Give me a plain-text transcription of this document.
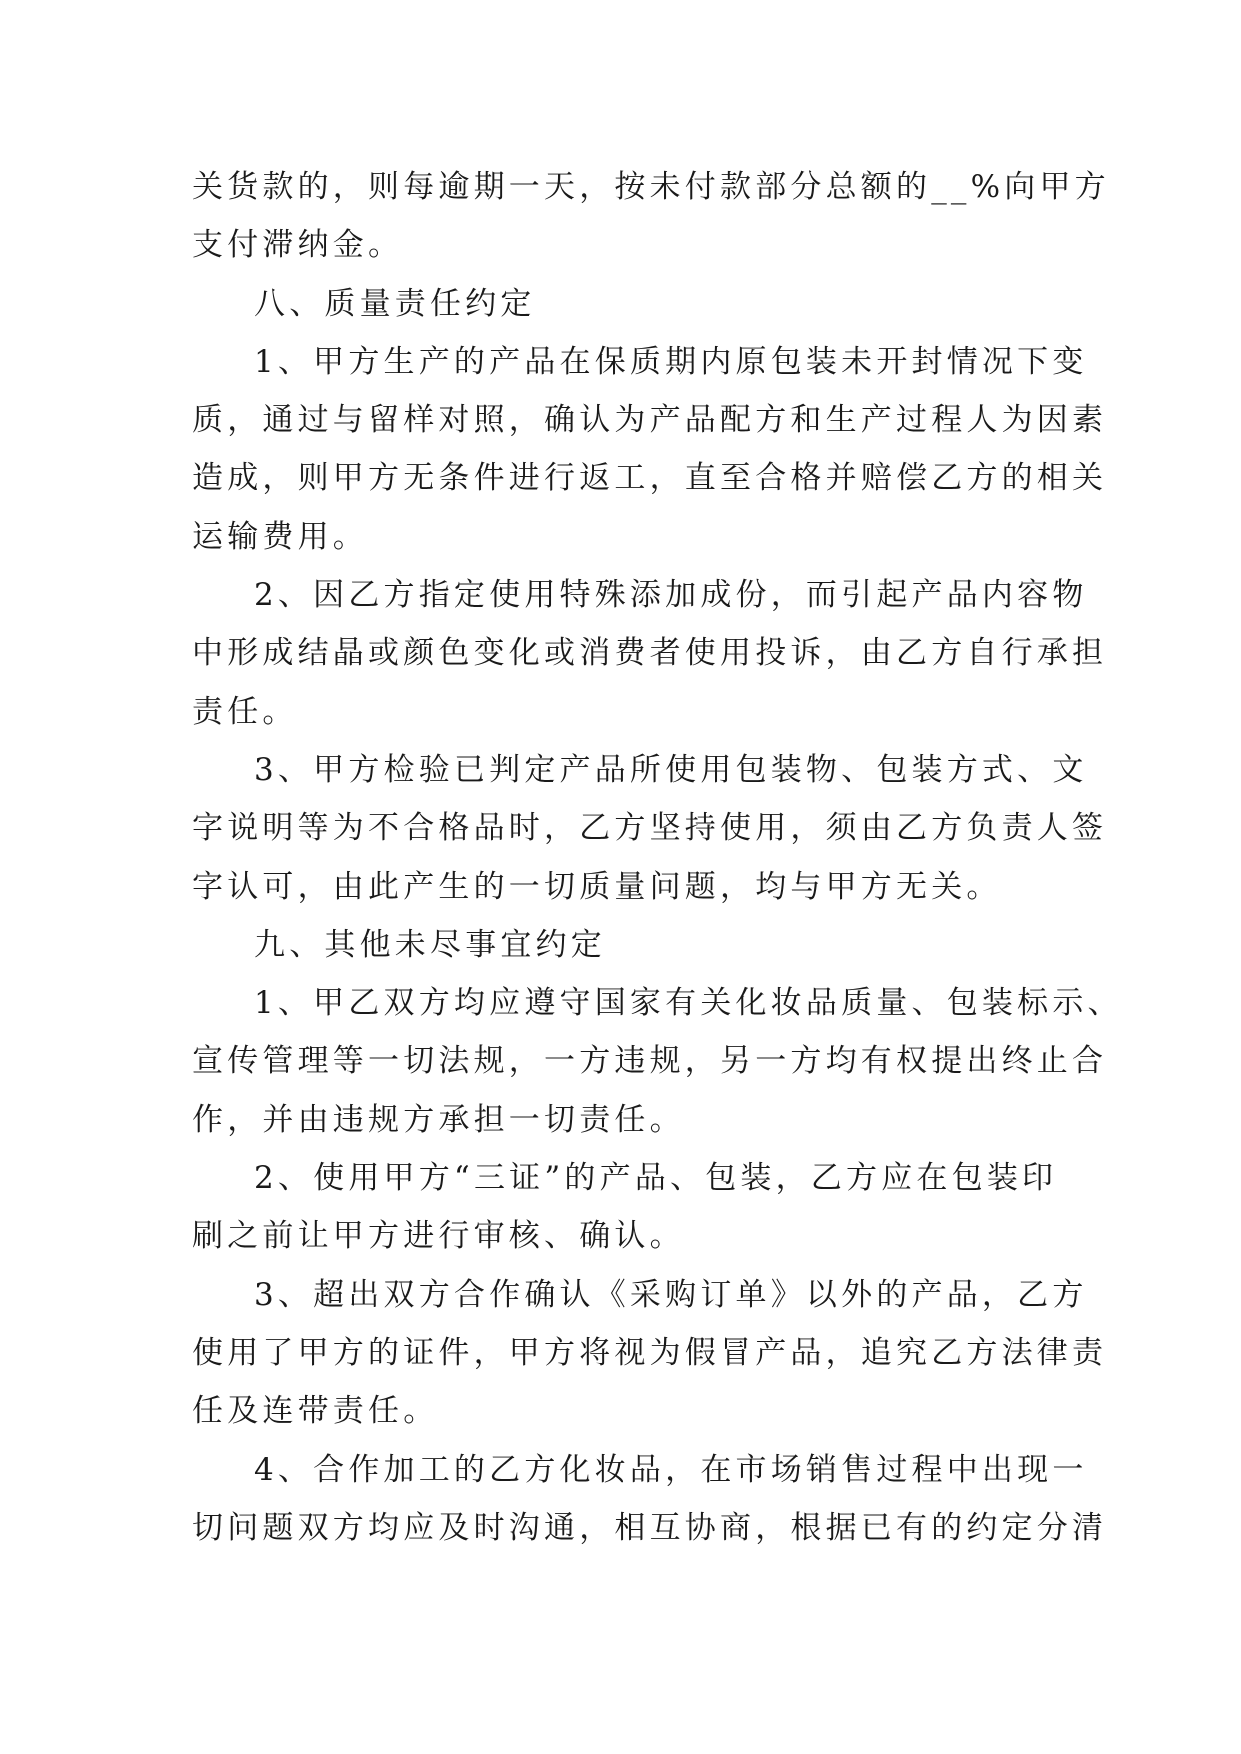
关货款的，则每逾期一天，按未付款部分总额的__%向甲方
支付滞纳金。
八、质量责任约定
1、甲方生产的产品在保质期内原包装未开封情况下变
质，通过与留样对照，确认为产品配方和生产过程人为因素
造成，则甲方无条件进行返工，直至合格并赔偿乙方的相关
运输费用。
2、因乙方指定使用特殊添加成份，而引起产品内容物
中形成结晶或颜色变化或消费者使用投诉，由乙方自行承担
责任。
3、甲方检验已判定产品所使用包装物、包装方式、文
字说明等为不合格品时，乙方坚持使用，须由乙方负责人签
字认可，由此产生的一切质量问题，均与甲方无关。
九、其他未尽事宜约定
1、甲乙双方均应遵守国家有关化妆品质量、包装标示、
宣传管理等一切法规，一方违规，另一方均有权提出终止合
作，并由违规方承担一切责任。
2、使用甲方“三证”的产品、包装，乙方应在包装印
刷之前让甲方进行审核、确认。
3、超出双方合作确认《采购订单》以外的产品，乙方
使用了甲方的证件，甲方将视为假冒产品，追究乙方法律责
任及连带责任。
4、合作加工的乙方化妆品，在市场销售过程中出现一
切问题双方均应及时沟通，相互协商，根据已有的约定分清
